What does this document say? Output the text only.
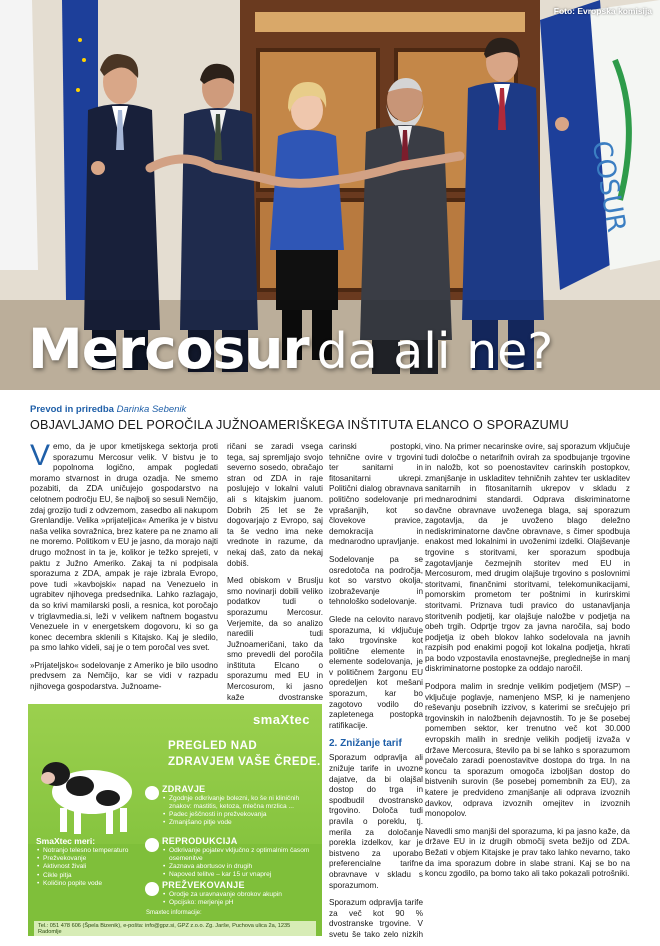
COSUR
Foto: Evropska komisija
Mercosur da ali ne?
Prevod in priredba Darinka Sebenik
OBJAVLJAMO DEL POROČILA JUŽNOAMERIŠKEGA INŠTITUTA ELANCO O SPORAZUMU

Vemo, da je upor kmetijskega sektorja proti sporazumu Mercosur velik. V bistvu je to popolnoma logično, ampak pogledati moramo stvarnost in druga ozadja. Ne smemo pozabiti, da ZDA uničujejo gospodarstvo na celotnem področju EU, še najbolj so sesuli Nemčijo, zdaj grozijo tudi z odvzemom, zasedbo ali nakupom Grenlandije. Velika »prijateljica« Amerika je v bistvu naša velika sovražnica, brez katere pa ne znamo ali ne moremo. Politikom v EU je jasno, da morajo najti drugo možnost in ta je, kolikor je težko sprejeti, v paktu z Južno Ameriko. Zakaj ta ni podpisala sporazuma z ZDA, ampak je raje izbrala Evropo, pove tudi »kavbojski« napad na Venezuelo in ugrabitev njihovega predsednika. Lahko razlagajo, da so krivi mamilarski posli, a resnica, kot poročajo v triglavmedia.si, leži v velikem naftnem bogastvu Venezuele in v energetskem dogovoru, ki so ga konec decembra sklenili s Kitajsko. Kaj je sledilo, pa smo lahko videli, saj je o tem poročal ves svet.

»Prijateljsko« sodelovanje z Ameriko je bilo usodno predvsem za Nemčijo, kar se vidi v razpadu njihovega gospodarstva. Južnoame-

ričani se zaradi vsega tega, saj spremljajo svojo severno sosedo, obračajo stran od ZDA in raje poslujejo v lokalni valuti ali s kitajskim juanom. Dobrih 25 let se že dogovarjajo z Evropo, saj ta še vedno ima neke vrednote in razume, da nekaj daš, zato da nekaj dobiš.

Med obiskom v Bruslju smo novinarji dobili veliko podatkov tudi o sporazumu Mercosur. Verjemite, da so analizo naredili tudi Južnoameričani, tako da smo prevedli del poročila inštituta Elcano o sporazumu med EU in Mercosurom, ki jasno kaže dvostranske

carinski postopki, tehnične ovire v trgovini ter sanitarni in fitosanitarni ukrepi. Politični dialog obravnava politično sodelovanje pri vprašanjih, kot so človekove pravice, demokracija in mednarodno upravljanje.

Sodelovanje pa se osredotoča na področja, kot so varstvo okolja, izobraževanje in tehnološko sodelovanje.

Glede na celovito naravo sporazuma, ki vključuje tako trgovinske kot politične elemente in elemente sodelovanja, je v političnem žargonu EU opredeljen kot mešani sporazum, kar bo zagotovo vodilo do zapletenega postopka ratifikacije.

2. Znižanje tarif

Sporazum odpravlja ali znižuje tarife in uvozne dajatve, da bi olajšal dostop do trga in spodbudil dvostransko trgovino. Določa tudi pravila o poreklu, tj. merila za določanje porekla izdelkov, kar je bistveno za uporabo preferencialne tarifne obravnave v skladu s sporazumom.

Sporazum odpravlja tarife za več kot 90 % dvostranske trgovine. V svetu še tako zelo nizkih

vino. Na primer necarinske ovire, saj sporazum vključuje tudi določbe o netarifnih ovirah za spodbujanje trgovine in naložb, kot so poenostavitev carinskih postopkov, zmanjšanje in uskladitev tehničnih zahtev ter uskladitev sanitarnih in fitosanitarnih ukrepov v skladu z mednarodnimi standardi. Odprava diskriminatorne davčne obravnave uvoženega blaga, saj sporazum zagotavlja, da je uvoženo blago deležno nediskriminatorne davčne obravnave, s čimer spodbuja enakost med lokalnimi in uvoženimi izdelki. Olajševanje trgovine s storitvami, ker sporazum spodbuja zagotavljanje čezmejnih storitev med EU in Mercosurom, med drugim olajšuje trgovino s poslovnimi storitvami, finančnimi storitvami, telekomunikacijami, pomorskim prometom ter poštnimi in kurirskimi storitvami. Priznava tudi pravico do ustanavljanja storitvenih podjetij, kar olajšuje naložbe v podjetja na obeh trgih. Odprtje trgov za javna naročila, saj bodo podjetja iz obeh blokov lahko sodelovala na javnih razpisih pod enakimi pogoji kot lokalna podjetja, hkrati pa bodo vzpostavila enostavnejše, preglednejše in manj diskriminatorne postopke za oddajo naročil.

Podpora malim in srednje velikim podjetjem (MSP) – vključuje poglavje, namenjeno MSP, ki je namenjeno reševanju posebnih izzivov, s katerimi se srečujejo pri trgovinskih in naložbenih dejavnostih. To je še posebej pomemben sektor, ker trenutno več kot 30.000 evropskih malih in srednje velikih podjetij izvaža v države Mercosura, število pa bi se lahko s sporazumom povečalo zaradi poenostavitve dostopa do trga. In na koncu ta sporazum omogoča izboljšan dostop do bistvenih surovin (še posebej pomembnih za EU), za katere je predvideno zmanjšanje ali odprava izvoznih davkov, odprava izvoznih omejitev in izvoznih monopolov.

Navedli smo manjši del sporazuma, ki pa jasno kaže, da države EU in iz drugih območij sveta bežijo od ZDA. Bežati v objem Kitajske je prav tako lahko nevarno, tako da ima sporazum dobre in slabe strani. Kaj se bo na koncu zgodilo, pa bomo tako ali tako pokazali potrošniki.

smaXtec
PREGLED NAD
ZDRAVJEM VAŠE ČREDE.
ZDRAVJE
• Zgodnje odkrivanje bolezni, ko še ni kliničnih znakov: mastitis, ketoza, mlečna mrzlica ...
• Padec ješčnosti in prežvekovanja
• Zmanjšano pitje vode
REPRODUKCIJA
• Odkrivanje pojatev vključno z optimalnim časom osemenitve
• Zaznava abortusov in drugih
• Napoved telitve – kar 15 ur vnaprej
PREŽVEKOVANJE
• Orodje za uravnavanje obrokov akupin
• Opcijsko: merjenje pH
SmaXtec meri:
• Notranjo telesno temperaturo
• Prežvekovanje
• Aktivnost živali
• Cikle pitja
• Količino popite vode
Smaxtec informacije:
Tel.: 051 478 606 (Špela Bizenik), e-pošta: info@gpz.si, GPZ z.o.o. Zg. Jarše, Puchova ulica 2a, 1235 Radomlje
